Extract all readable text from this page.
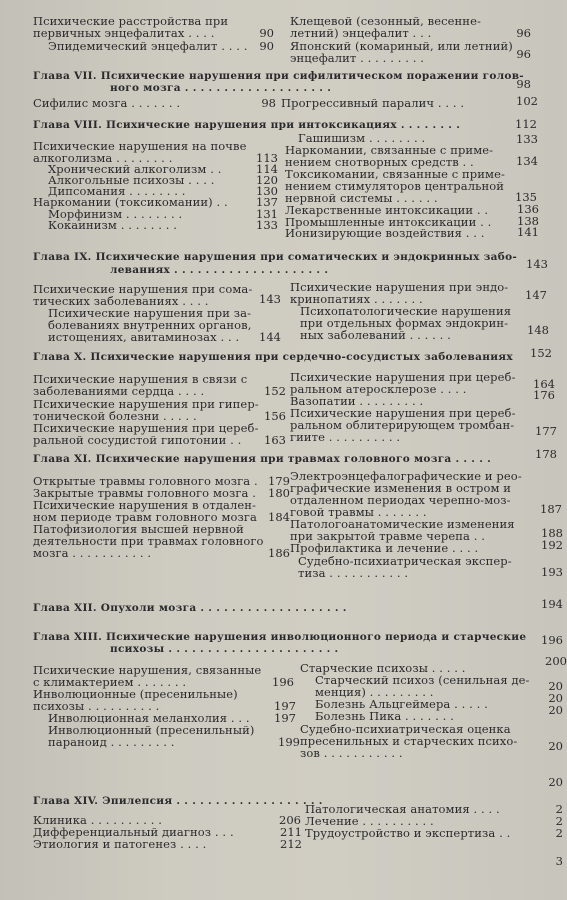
Психические расстройства при
первичных энцефалитах . . . .
Эпидемический энцефалит . . . .
Клещевой (сезонный, весенне-
летний) энцефалит . . .
Японский (комариный, или летний)
энцефалит . . . . . . . . .
Сифилис мозга . . . . . . .	Прогрессивный паралич . . . .
Психические нарушения на почве
алкоголизма . . . . . . . .
Хронический алкоголизм . .
Алкогольные психозы . . . .
Дипсомания . . . . . . . .
Наркомании (токсикомании) . .
Морфинизм . . . . . . . .
Кокаинизм . . . . . . . .
Гашишизм . . . . . . . .
Наркомании, связанные с приме-
нением снотворных средств . .
Токсикомании, связанные с приме-
нением стимуляторов центральной
нервной системы . . . . . .
Лекарственные интоксикации . .
Промышленные интоксикации . .
Ионизирующие воздействия . . .
Психические нарушения при сома-
тических заболеваниях . . . .
Психические нарушения при за-
болеваниях внутренних органов,
истощениях, авитаминозах . . .
Психические нарушения при эндо-
кринопатиях . . . . . . .
Психопатологические нарушения
при отдельных формах эндокрин-
ных заболеваний . . . . . .
Психические нарушения в связи с
заболеваниями сердца . . . .
Психические нарушения при гипер-
тонической болезни . . . . .
Психические нарушения при цереб-
ральной сосудистой гипотонии . .
Психические нарушения при цереб-
ральном атеросклерозе . . . .
Вазопатии . . . . . . . . .
Психические нарушения при цереб-
ральном облитерирующем тромбан-
гиите . . . . . . . . . .
Открытые травмы головного мозга .
Закрытые травмы головного мозга .
Психические нарушения в отдален-
ном периоде травм головного мозга
Патофизиология высшей нервной
деятельности при травмах головного
мозга . . . . . . . . . . .
Электроэнцефалографические и рео-
графические изменения в остром и
отдаленном периодах черепно-моз-
говой травмы . . . . . . .
Патологоанатомические изменения
при закрытой травме черепа . .
Профилактика и лечение . . . .
Судебно-психиатрическая экспер-
тиза . . . . . . . . . . .
Психические нарушения, связанные
с климактерием . . . . . . .
Инволюционные (пресенильные)
психозы . . . . . . . . . .
Инволюционная меланхолия . . .
Инволюционный (пресенильный)
параноид . . . . . . . . .
Старческие психозы . . . . .
Старческий психоз (сенильная де-
менция) . . . . . . . . .
Болезнь Альцгеймера . . . . .
Болезнь Пика . . . . . . .
Судебно-психиатрическая оценка
пресенильных и старческих психо-
зов . . . . . . . . . . .
Клиника . . . . . . . . . .
Дифференциальный диагноз . . .
Этиология и патогенез . . . .
Патологическая анатомия . . . .
Лечение . . . . . . . . . .
Трудоустройство и экспертиза . .
Глава VII. Психические нарушения при сифилитическом поражении голов-
ного мозга . . . . . . . . . . . . . . . . . . .
Глава VIII. Психические нарушения при интоксикациях . . . . . . . .
Глава IX. Психические нарушения при соматических и эндокринных забо-
леваниях . . . . . . . . . . . . . . . . . . . .
Глава X. Психические нарушения при сердечно-сосудистых заболеваниях
Глава XI. Психические нарушения при травмах головного мозга . . . . .
Глава XII. Опухоли мозга . . . . . . . . . . . . . . . . . . .
Глава XIII. Психические нарушения инволюционного периода и старческие
психозы . . . . . . . . . . . . . . . . . . . . . .
Глава XIV. Эпилепсия . . . . . . . . . . . . . . . . . . .
90
90
96
96
98
98	102
112
113
114
120
130
137
131
133
133
134
135
136
138
141
143
143
144
147
148
152
152
156
163
164
176
177
178
179
180
184
186
187
188
192
193
194
196
196
197
197
199
200
20
20
20
20
20
206
211
212
2
2
2
3
